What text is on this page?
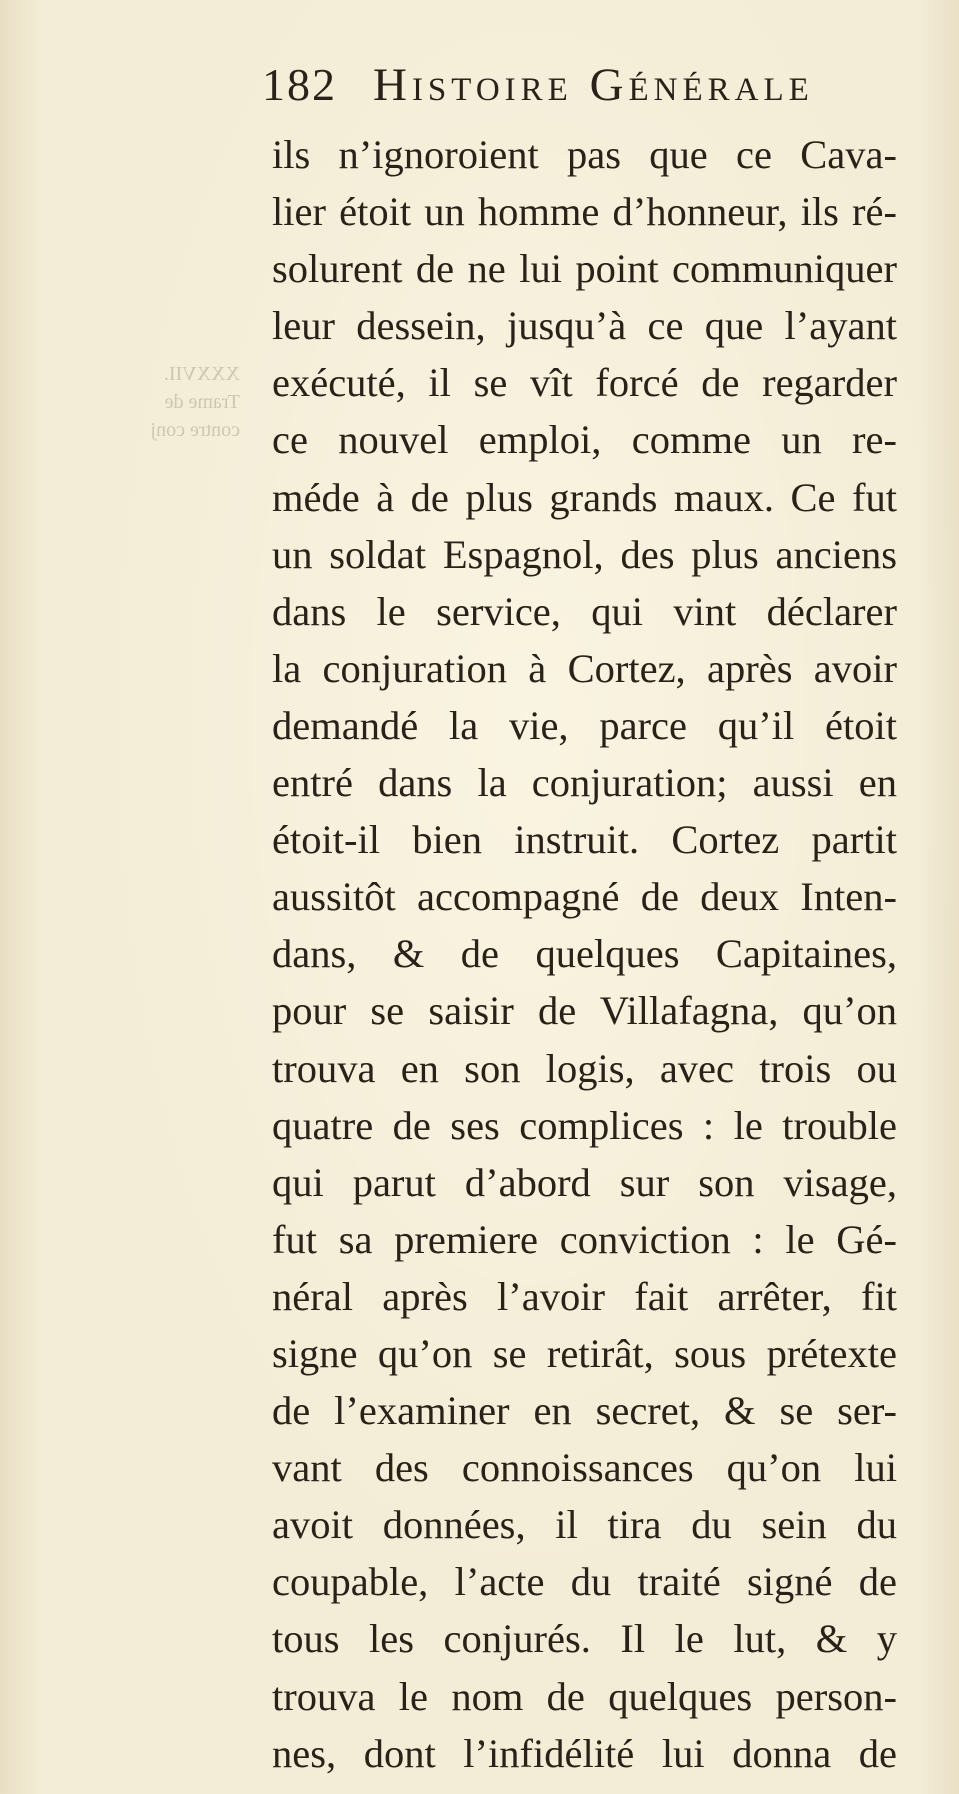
XXXVII.
Trame de
contre conj

182 Histoire Générale
ils n’ignoroient pas que ce Cava-
lier étoit un homme d’honneur, ils ré-
solurent de ne lui point communiquer
leur dessein, jusqu’à ce que l’ayant
exécuté, il se vît forcé de regarder
ce nouvel emploi, comme un re-
méde à de plus grands maux. Ce fut
un soldat Espagnol, des plus anciens
dans le service, qui vint déclarer
la conjuration à Cortez, après avoir
demandé la vie, parce qu’il étoit
entré dans la conjuration; aussi en
étoit-il bien instruit. Cortez partit
aussitôt accompagné de deux Inten-
dans, & de quelques Capitaines,
pour se saisir de Villafagna, qu’on
trouva en son logis, avec trois ou
quatre de ses complices : le trouble
qui parut d’abord sur son visage,
fut sa premiere conviction : le Gé-
néral après l’avoir fait arrêter, fit
signe qu’on se retirât, sous prétexte
de l’examiner en secret, & se ser-
vant des connoissances qu’on lui
avoit données, il tira du sein du
coupable, l’acte du traité signé de
tous les conjurés. Il le lut, & y
trouva le nom de quelques person-
nes, dont l’infidélité lui donna de
